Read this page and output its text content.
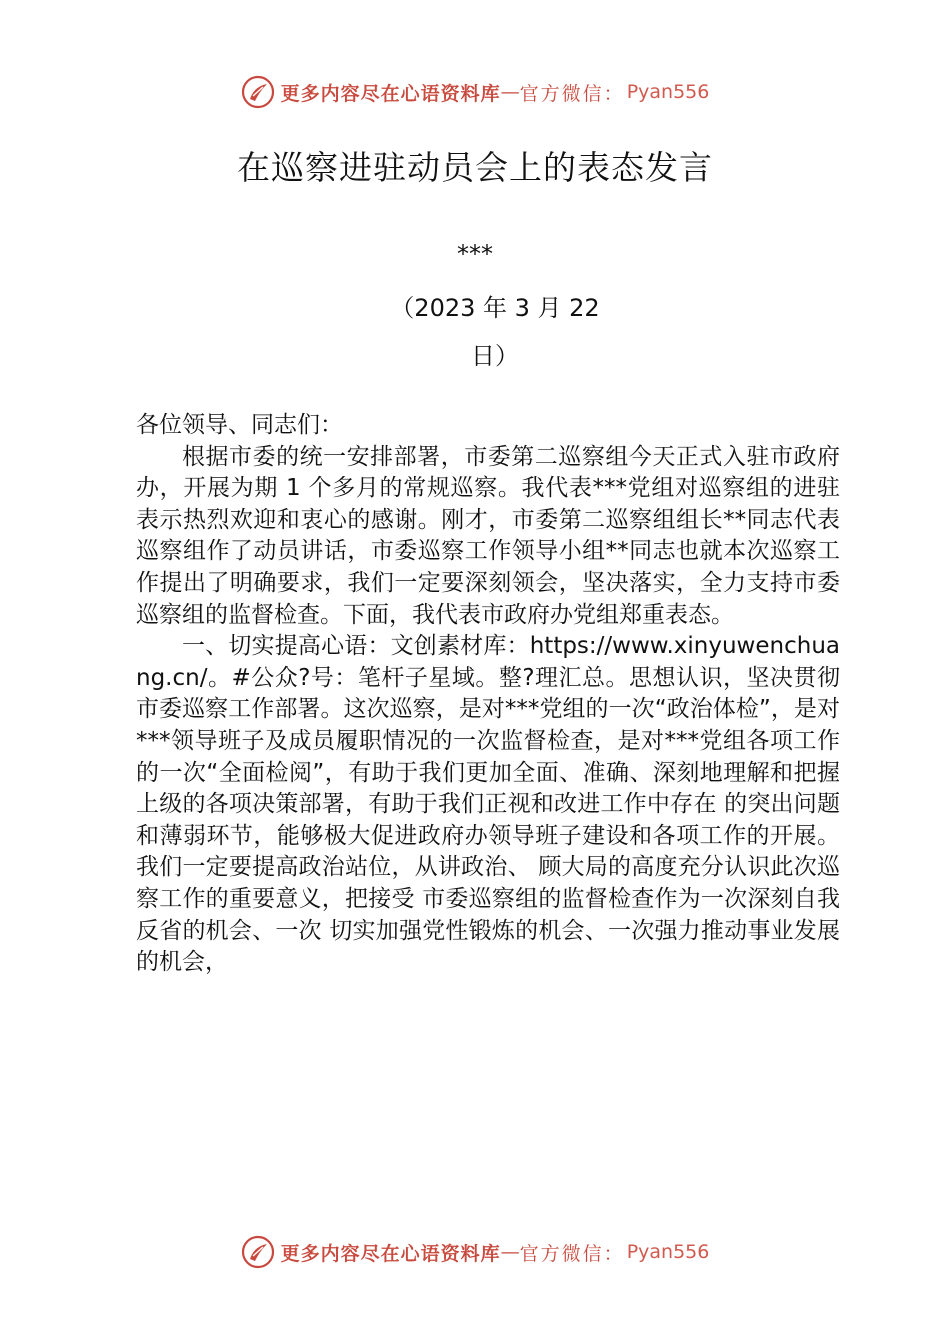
更多内容尽在心语资料库 — 官方微信： Pyan556
在巡察进驻动员会上的表态发言
***
（2023 年 3 月 22 日）

各位领导、同志们：

根据市委的统一安排部署，市委第二巡察组今天正式入驻市政府办，开展为期 1 个多月的常规巡察。我代表***党组对巡察组的进驻表示热烈欢迎和衷心的感谢。刚才，市委第二巡察组组长**同志代表巡察组作了动员讲话，市委巡察工作领导小组**同志也就本次巡察工作提出了明确要求，我们一定要深刻领会，坚决落实，全力支持市委巡察组的监督检查。下面，我代表市政府办党组郑重表态。

一、切实提高心语：文创素材库：https://www.xinyuwenchuang.cn/。#公众?号：笔杆子星域。整?理汇总。思想认识，坚决贯彻市委巡察工作部署。这次巡察，是对***党组的一次“政治体检”，是对***领导班子及成员履职情况的一次监督检查，是对***党组各项工作的一次“全面检阅”，有助于我们更加全面、准确、深刻地理解和把握上级的各项决策部署，有助于我们正视和改进工作中存在 的突出问题和薄弱环节，能够极大促进政府办领导班子建设和各项工作的开展。我们一定要提高政治站位，从讲政治、 顾大局的高度充分认识此次巡察工作的重要意义，把接受 市委巡察组的监督检查作为一次深刻自我反省的机会、一次 切实加强党性锻炼的机会、一次强力推动事业发展的机会，

更多内容尽在心语资料库 — 官方微信： Pyan556
